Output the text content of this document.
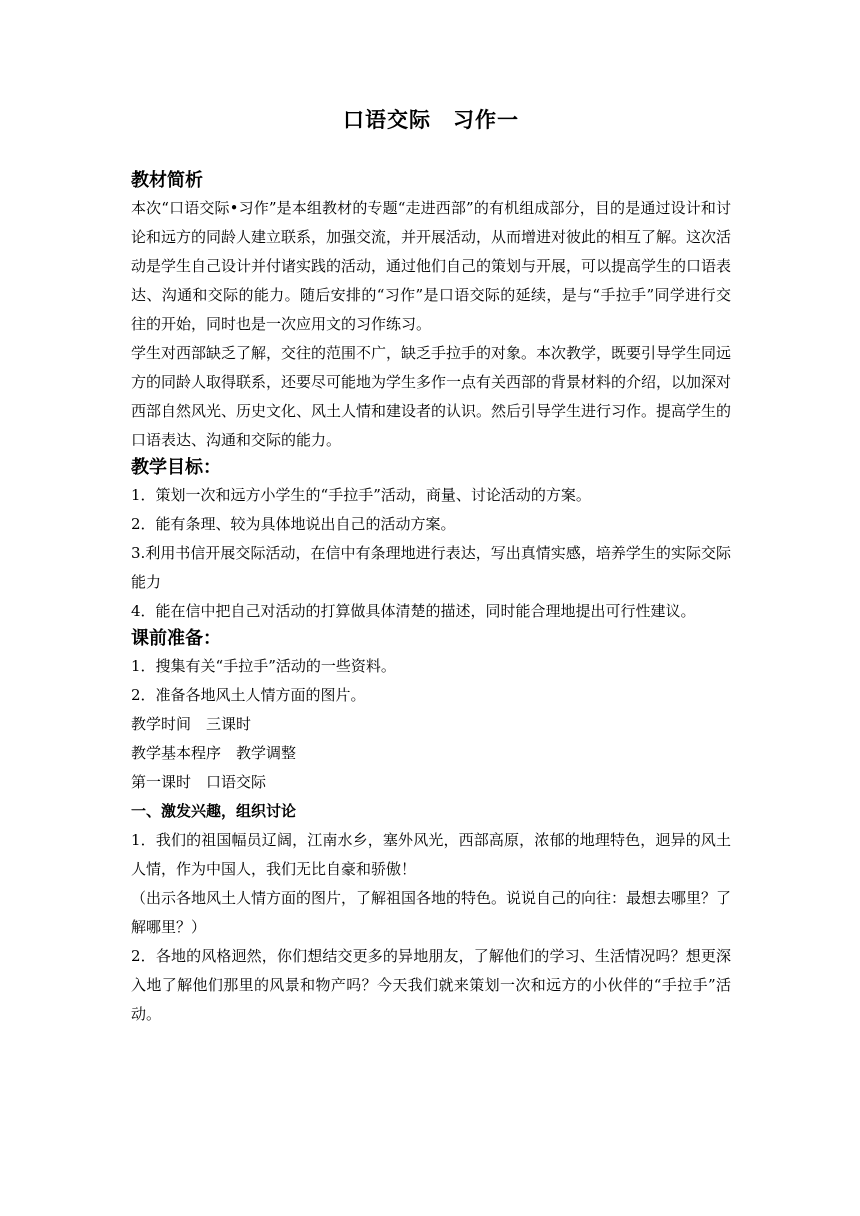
口语交际　习作一
教材简析

本次“口语交际•习作”是本组教材的专题“走进西部”的有机组成部分，目的是通过设计和讨论和远方的同龄人建立联系，加强交流，并开展活动，从而增进对彼此的相互了解。这次活动是学生自己设计并付诸实践的活动，通过他们自己的策划与开展，可以提高学生的口语表达、沟通和交际的能力。随后安排的“习作”是口语交际的延续，是与“手拉手”同学进行交往的开始，同时也是一次应用文的习作练习。

学生对西部缺乏了解，交往的范围不广，缺乏手拉手的对象。本次教学，既要引导学生同远方的同龄人取得联系，还要尽可能地为学生多作一点有关西部的背景材料的介绍，以加深对西部自然风光、历史文化、风土人情和建设者的认识。然后引导学生进行习作。提高学生的口语表达、沟通和交际的能力。

教学目标：

1．策划一次和远方小学生的“手拉手”活动，商量、讨论活动的方案。

2．能有条理、较为具体地说出自己的活动方案。

3.利用书信开展交际活动，在信中有条理地进行表达，写出真情实感，培养学生的实际交际能力

4．能在信中把自己对活动的打算做具体清楚的描述，同时能合理地提出可行性建议。

课前准备：

1．搜集有关“手拉手”活动的一些资料。

2．准备各地风土人情方面的图片。

教学时间　三课时

教学基本程序　教学调整

第一课时　口语交际

一、激发兴趣，组织讨论

1．我们的祖国幅员辽阔，江南水乡，塞外风光，西部高原，浓郁的地理特色，迥异的风土人情，作为中国人，我们无比自豪和骄傲！

（出示各地风土人情方面的图片，了解祖国各地的特色。说说自己的向往：最想去哪里？了解哪里？）

2．各地的风格迥然，你们想结交更多的异地朋友，了解他们的学习、生活情况吗？想更深入地了解他们那里的风景和物产吗？今天我们就来策划一次和远方的小伙伴的“手拉手”活动。
